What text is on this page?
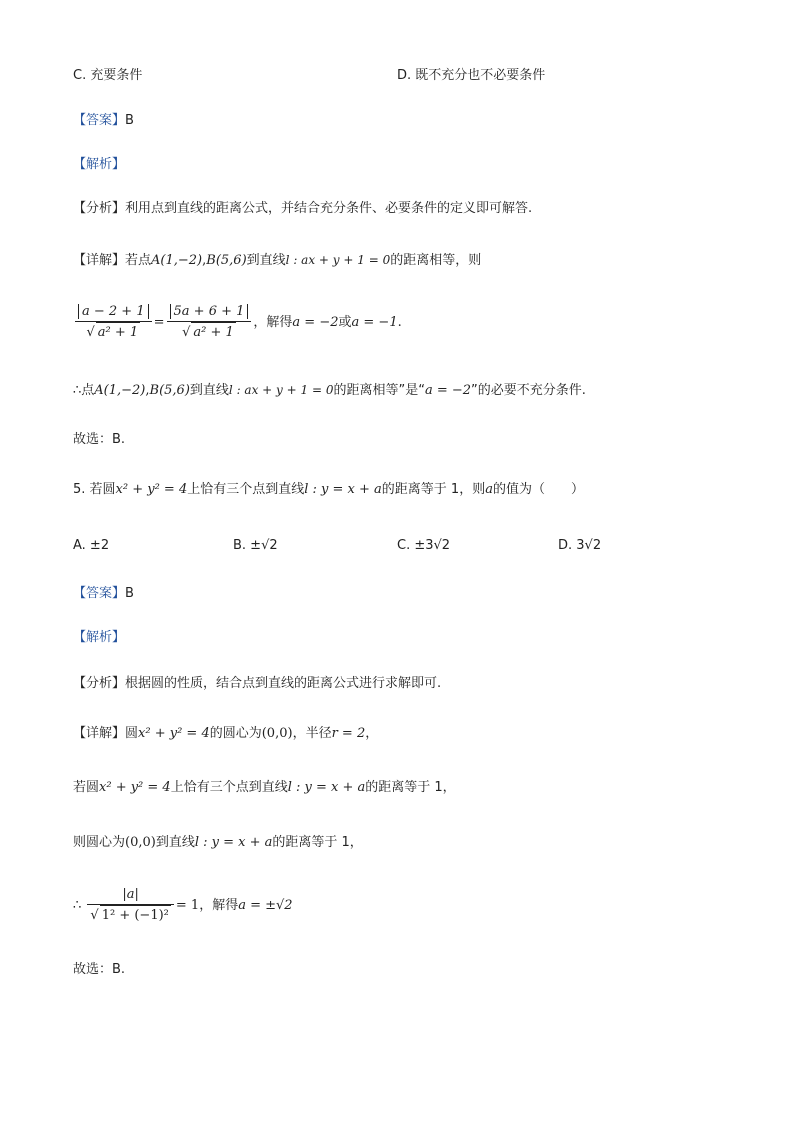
C. 充要条件	D. 既不充分也不必要条件
【答案】B
【解析】
【分析】利用点到直线的距离公式，并结合充分条件、必要条件的定义即可解答.
【详解】若点A(1,−2),B(5,6)到直线l : ax + y + 1 = 0的距离相等，则
$\frac{a - 2 + 1}{\text{√ a² + 1}} = \frac{5a + 6 + 1}{\text{√ a² + 1}}$ ，解得a = −2或a = −1.
∴点A(1,−2),B(5,6)到直线l : ax + y + 1 = 0的距离相等”是“a = −2”的必要不充分条件.
故选：B.
5. 若圆x² + y² = 4上恰有三个点到直线l : y = x + a的距离等于 1，则a的值为（　　）
A. ±2	B. ±√2	C. ±3√2	D. 3√2
【答案】B
【解析】
【分析】根据圆的性质，结合点到直线的距离公式进行求解即可.
【详解】圆x² + y² = 4的圆心为(0,0)，半径r = 2，
若圆x² + y² = 4上恰有三个点到直线l : y = x + a的距离等于 1，
则圆心为(0,0)到直线l : y = x + a的距离等于 1，
∴ $\frac{|a|}{\text{√ 1² + (−1)²}} = 1$，解得a = ±√2
故选：B.
